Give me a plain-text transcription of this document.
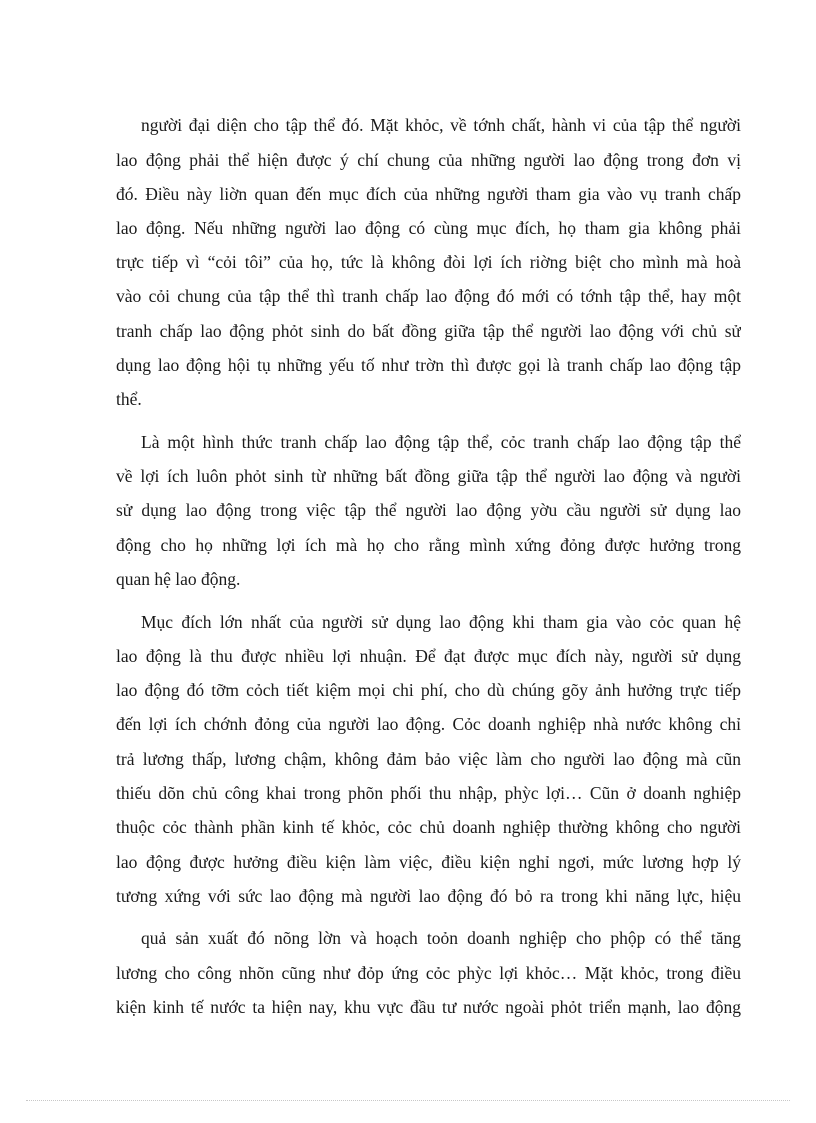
người đại diện cho tập thể đó. Mặt khỏc, về tớnh chất, hành vi của tập thể người

lao động phải thể hiện được ý chí chung của những người lao động trong đơn vị

đó. Điều này liờn quan đến mục đích của những người tham gia vào vụ tranh chấp

lao động. Nếu những người lao động có cùng mục đích, họ tham gia không phải

trực tiếp vì “cỏi tôi” của họ, tức là không đòi lợi ích riờng biệt cho mình mà hoà

vào cỏi chung của tập thể thì tranh chấp lao động đó mới có tớnh tập thể, hay một

tranh chấp lao động phỏt sinh do bất đồng giữa tập thể người lao động với chủ sử

dụng lao động hội tụ những yếu tố như trờn thì được gọi là tranh chấp lao động tập

thể.

Là một hình thức tranh chấp lao động tập thể, cỏc tranh chấp lao động tập thể

về lợi ích luôn phỏt sinh từ những bất đồng giữa tập thể người lao động và người

sử dụng lao động trong việc tập thể người lao động yờu cầu người sử dụng lao

động cho họ những lợi ích mà họ cho rằng mình xứng đỏng được hưởng trong

quan hệ lao động.

Mục đích lớn nhất của người sử dụng lao động khi tham gia vào cỏc quan hệ

lao động là thu được nhiều lợi nhuận. Để đạt được mục đích này, người sử dụng

lao động đó tỡm cỏch tiết kiệm mọi chi phí, cho dù chúng gõy ảnh hưởng trực tiếp

đến lợi ích chớnh đỏng của người lao động. Cỏc doanh nghiệp nhà nước không chỉ

trả lương thấp, lương chậm, không đảm bảo việc làm cho người lao động mà cũn

thiếu dõn chủ công khai trong phõn phối thu nhập, phỳc lợi… Cũn ở doanh nghiệp

thuộc cỏc thành phần kinh tế khỏc, cỏc chủ doanh nghiệp thường không cho người

lao động được hưởng điều kiện làm việc, điều kiện nghỉ ngơi, mức lương hợp lý

tương xứng với sức lao động mà người lao động đó bỏ ra trong khi năng lực, hiệu

quả sản xuất đó nõng lờn và hoạch toỏn doanh nghiệp cho phộp có thể tăng

lương cho công nhõn cũng như đỏp ứng cỏc phỳc lợi khỏc… Mặt khỏc, trong điều

kiện kinh tế nước ta hiện nay, khu vực đầu tư nước ngoài phỏt triển mạnh, lao động
